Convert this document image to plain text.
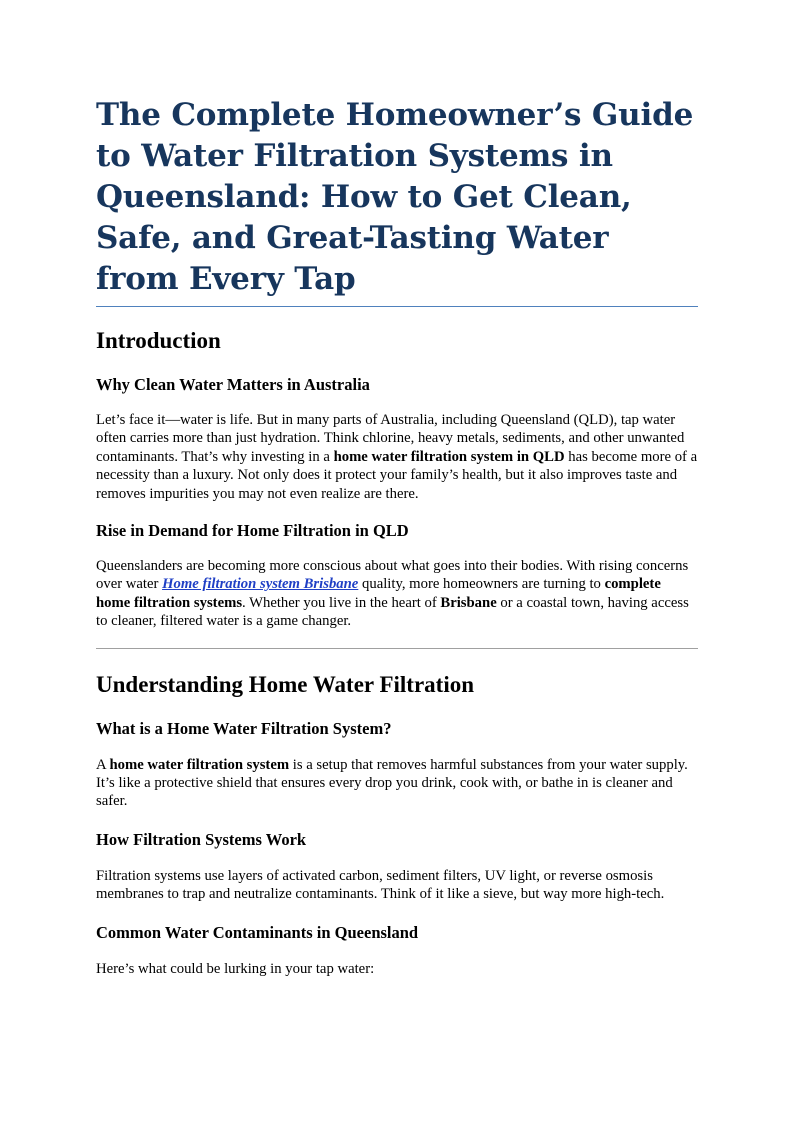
The Complete Homeowner’s Guide to Water Filtration Systems in Queensland: How to Get Clean, Safe, and Great-Tasting Water from Every Tap
Introduction
Why Clean Water Matters in Australia

Let’s face it—water is life. But in many parts of Australia, including Queensland (QLD), tap water often carries more than just hydration. Think chlorine, heavy metals, sediments, and other unwanted contaminants. That’s why investing in a home water filtration system in QLD has become more of a necessity than a luxury. Not only does it protect your family’s health, but it also improves taste and removes impurities you may not even realize are there.

Rise in Demand for Home Filtration in QLD

Queenslanders are becoming more conscious about what goes into their bodies. With rising concerns over water Home filtration system Brisbane quality, more homeowners are turning to complete home filtration systems. Whether you live in the heart of Brisbane or a coastal town, having access to cleaner, filtered water is a game changer.

Understanding Home Water Filtration
What is a Home Water Filtration System?

A home water filtration system is a setup that removes harmful substances from your water supply. It’s like a protective shield that ensures every drop you drink, cook with, or bathe in is cleaner and safer.

How Filtration Systems Work

Filtration systems use layers of activated carbon, sediment filters, UV light, or reverse osmosis membranes to trap and neutralize contaminants. Think of it like a sieve, but way more high-tech.

Common Water Contaminants in Queensland

Here’s what could be lurking in your tap water:
